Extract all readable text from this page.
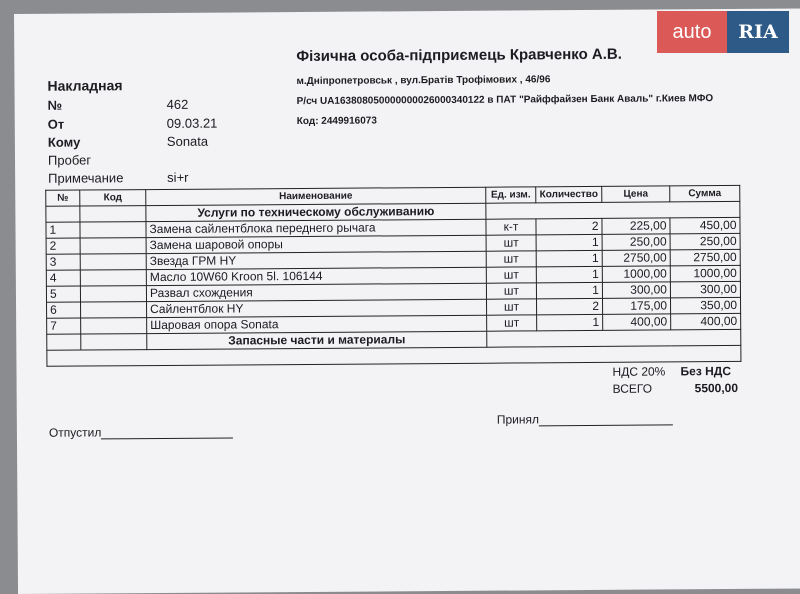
Фізична особа-підприємець Кравченко А.В.
м.Дніпропетровськ , вул.Братів Трофімових , 46/96
Р/сч UA163808050000000026000340122 в ПАТ "Райффайзен Банк Аваль" г.Киев МФО
Код: 2449916073
Накладная
№	462
От	09.03.21
Кому	Sonata
Пробег
Примечание	si+r
№	Код	Наименование	Ед. изм.	Количество	Цена	Сумма
		Услуги по техническому обслуживанию				
1		Замена сайлентблока переднего рычага	к-т	2	225,00	450,00
2		Замена шаровой опоры	шт	1	250,00	250,00
3		Звезда ГРМ HY	шт	1	2750,00	2750,00
4		Масло 10W60 Kroon 5l. 106144	шт	1	1000,00	1000,00
5		Развал схождения	шт	1	300,00	300,00
6		Сайлентблок HY	шт	2	175,00	350,00
7		Шаровая опора Sonata	шт	1	400,00	400,00
		Запасные части и материалы				

НДС 20% Без НДС
ВСЕГО	5500,00
Отпустил
Принял
auto	RIA
